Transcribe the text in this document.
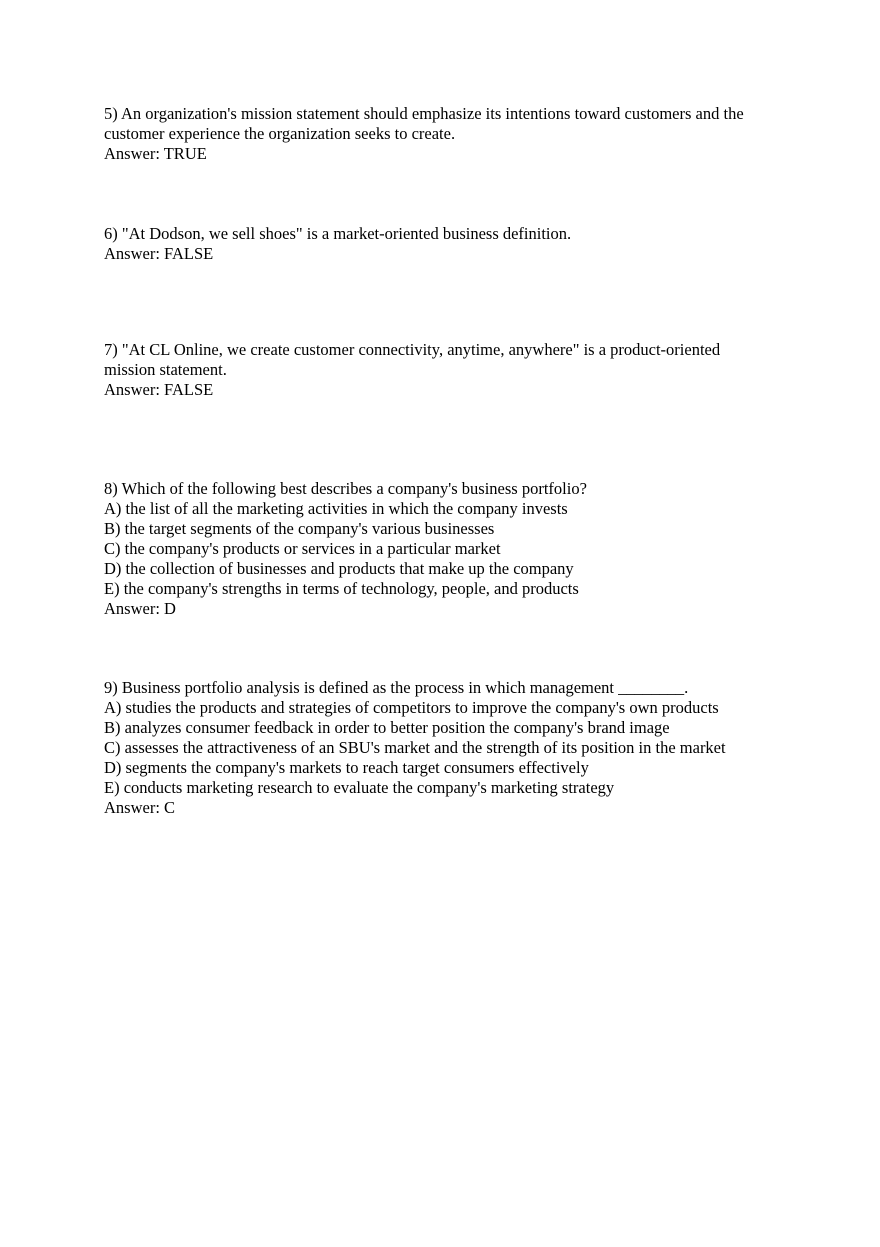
5) An organization's mission statement should emphasize its intentions toward customers and the customer experience the organization seeks to create.
Answer: TRUE
6) "At Dodson, we sell shoes" is a market-oriented business definition.
Answer: FALSE
7) "At CL Online, we create customer connectivity, anytime, anywhere" is a product-oriented mission statement.
Answer: FALSE
8) Which of the following best describes a company's business portfolio?
A) the list of all the marketing activities in which the company invests
B) the target segments of the company's various businesses
C) the company's products or services in a particular market
D) the collection of businesses and products that make up the company
E) the company's strengths in terms of technology, people, and products
Answer: D
9) Business portfolio analysis is defined as the process in which management ________.
A) studies the products and strategies of competitors to improve the company's own products
B) analyzes consumer feedback in order to better position the company's brand image
C) assesses the attractiveness of an SBU's market and the strength of its position in the market
D) segments the company's markets to reach target consumers effectively
E) conducts marketing research to evaluate the company's marketing strategy
Answer: C
